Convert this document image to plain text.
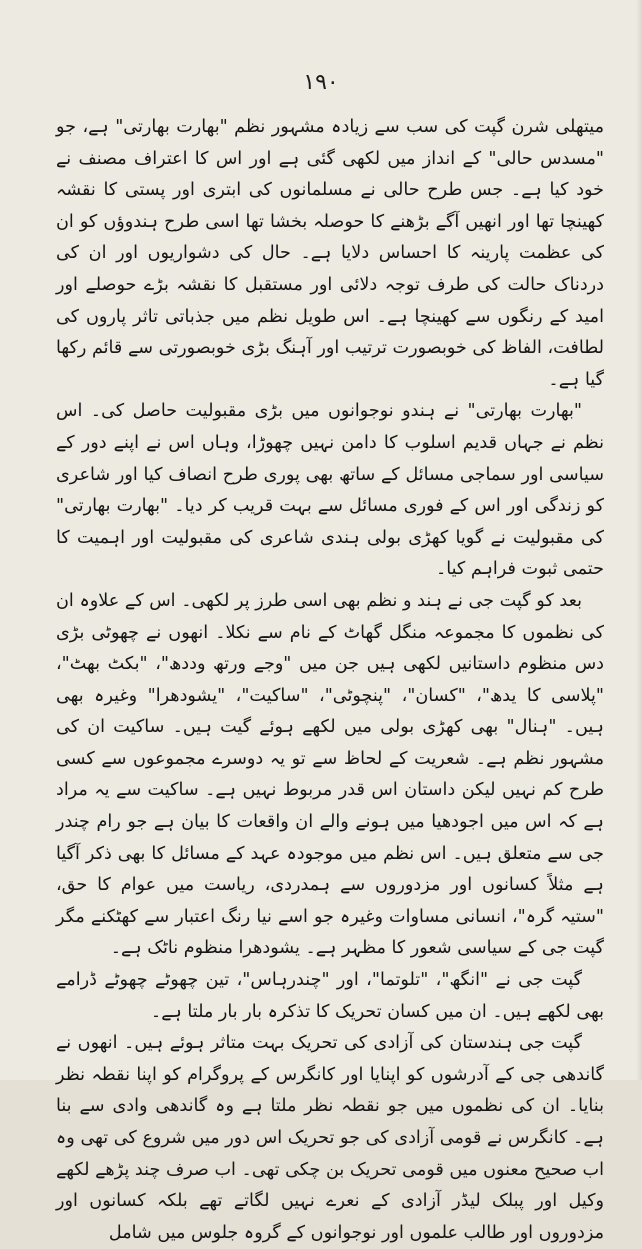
۱۹۰

میتھلی شرن گپت کی سب سے زیادہ مشہور نظم "بھارت بھارتی" ہے، جو "مسدس حالی" کے انداز میں لکھی گئی ہے اور اس کا اعتراف مصنف نے خود کیا ہے۔ جس طرح حالی نے مسلمانوں کی ابتری اور پستی کا نقشہ کھینچا تھا اور انھیں آگے بڑھنے کا حوصلہ بخشا تھا اسی طرح ہندوؤں کو ان کی عظمت پارینہ کا احساس دلایا ہے۔ حال کی دشواریوں اور ان کی دردناک حالت کی طرف توجہ دلائی اور مستقبل کا نقشہ بڑے حوصلے اور امید کے رنگوں سے کھینچا ہے۔ اس طویل نظم میں جذباتی تاثر پاروں کی لطافت، الفاظ کی خوبصورت ترتیب اور آہنگ بڑی خوبصورتی سے قائم رکھا گیا ہے۔

"بھارت بھارتی" نے ہندو نوجوانوں میں بڑی مقبولیت حاصل کی۔ اس نظم نے جہاں قدیم اسلوب کا دامن نہیں چھوڑا، وہاں اس نے اپنے دور کے سیاسی اور سماجی مسائل کے ساتھ بھی پوری طرح انصاف کیا اور شاعری کو زندگی اور اس کے فوری مسائل سے بہت قریب کر دیا۔ "بھارت بھارتی" کی مقبولیت نے گویا کھڑی بولی ہندی شاعری کی مقبولیت اور اہمیت کا حتمی ثبوت فراہم کیا۔

بعد کو گپت جی نے ہند و نظم بھی اسی طرز پر لکھی۔ اس کے علاوہ ان کی نظموں کا مجموعہ منگل گھاٹ کے نام سے نکلا۔ انھوں نے چھوٹی بڑی دس منظوم داستانیں لکھی ہیں جن میں "وجے ورتھ وددھ"، "بکٹ بھٹ"، "پلاسی کا یدھ"، "کسان"، "پنچوٹی"، "ساکیت"، "یشودھرا" وغیرہ بھی ہیں۔ "ہنال" بھی کھڑی بولی میں لکھے ہوئے گیت ہیں۔ ساکیت ان کی مشہور نظم ہے۔ شعریت کے لحاظ سے تو یہ دوسرے مجموعوں سے کسی طرح کم نہیں لیکن داستان اس قدر مربوط نہیں ہے۔ ساکیت سے یہ مراد ہے کہ اس میں اجودھیا میں ہونے والے ان واقعات کا بیان ہے جو رام چندر جی سے متعلق ہیں۔ اس نظم میں موجودہ عہد کے مسائل کا بھی ذکر آگیا ہے مثلاً کسانوں اور مزدوروں سے ہمدردی، ریاست میں عوام کا حق، "ستیہ گرہ"، انسانی مساوات وغیرہ جو اسے نیا رنگ اعتبار سے کھٹکنے مگر گپت جی کے سیاسی شعور کا مظہر ہے۔ یشودھرا منظوم ناٹک ہے۔

گپت جی نے "انگھ"، "تلوتما"، اور "چندرہاس"، تین چھوٹے چھوٹے ڈرامے بھی لکھے ہیں۔ ان میں کسان تحریک کا تذکرہ بار بار ملتا ہے۔

گپت جی ہندستان کی آزادی کی تحریک بہت متاثر ہوئے ہیں۔ انھوں نے گاندھی جی کے آدرشوں کو اپنایا اور کانگرس کے پروگرام کو اپنا نقطہ نظر بنایا۔ ان کی نظموں میں جو نقطہ نظر ملتا ہے وہ گاندھی وادی سے بنا ہے۔ کانگرس نے قومی آزادی کی جو تحریک اس دور میں شروع کی تھی وہ اب صحیح معنوں میں قومی تحریک بن چکی تھی۔ اب صرف چند پڑھے لکھے وکیل اور پبلک لیڈر آزادی کے نعرے نہیں لگاتے تھے بلکہ کسانوں اور مزدوروں اور طالب علموں اور نوجوانوں کے گروہ جلوس میں شامل
